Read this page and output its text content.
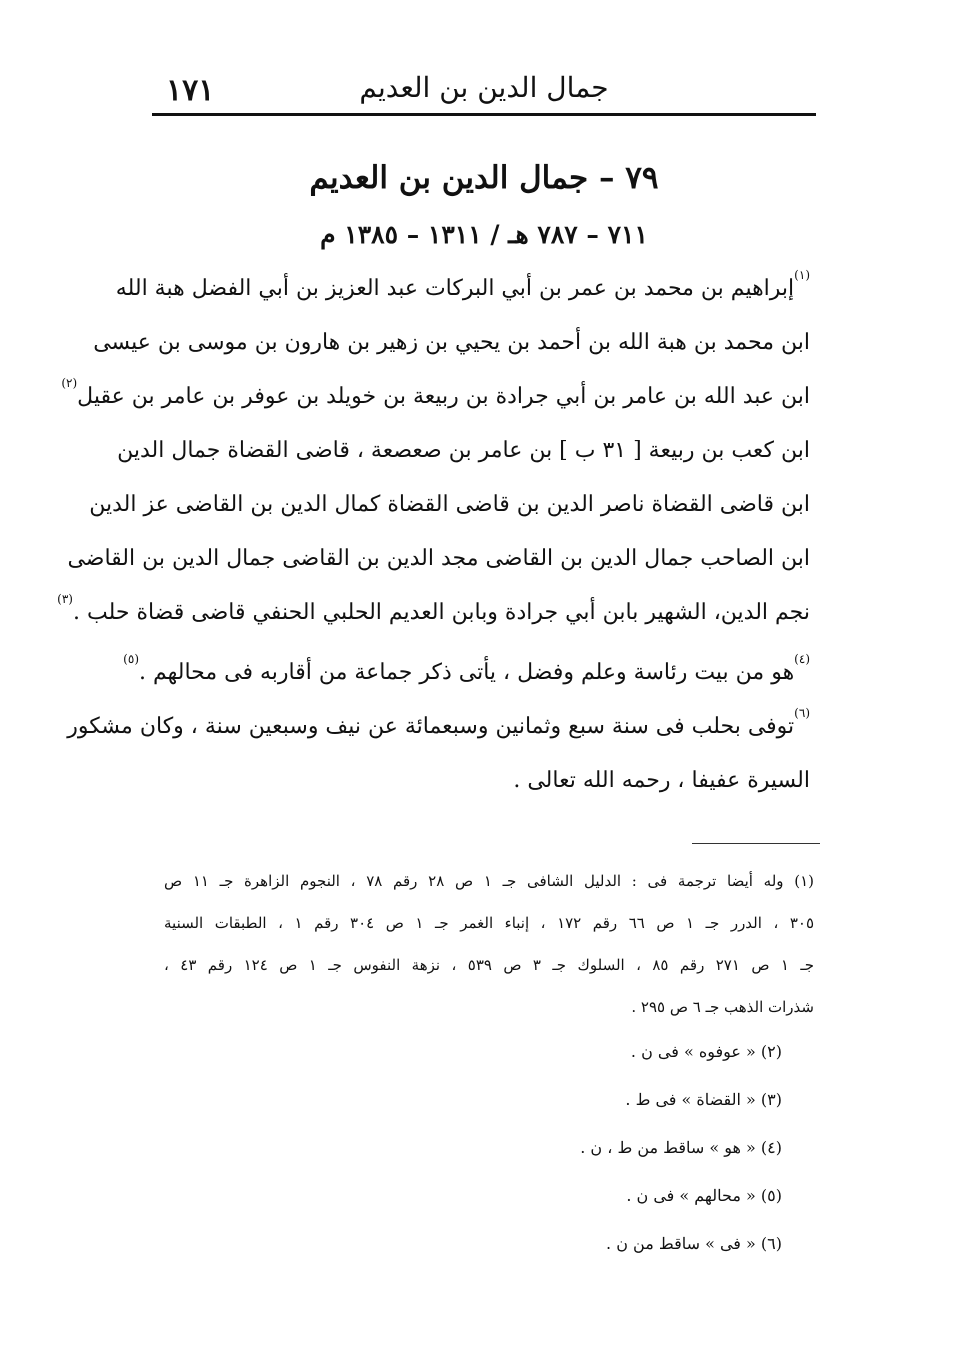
١٧١	جمال الدين بن العديم
٧٩ – جمال الدين بن العديم
٧١١ – ٧٨٧ هـ / ١٣١١ – ١٣٨٥ م
$^{(١)}$إبراهيم بن محمد بن عمر بن أبي البركات عبد العزيز بن أبي الفضل هبة الله
ابن محمد بن هبة الله بن أحمد بن يحيي بن زهير بن هارون بن موسى بن عيسى
ابن عبد الله بن عامر بن أبي جرادة بن ربيعة بن خويلد بن عوفر بن عامر بن عقيل$^{(٢)}$
ابن كعب بن ربيعة [ ٣١ ب ] بن عامر بن صعصعة ، قاضى القضاة جمال الدين
ابن قاضى القضاة ناصر الدين بن قاضى القضاة كمال الدين بن القاضى عز الدين
ابن الصاحب جمال الدين بن القاضى مجد الدين بن القاضى جمال الدين بن القاضى
نجم الدين، الشهير بابن أبي جرادة وبابن العديم الحلبي الحنفي قاضى قضاة حلب .$^{(٣)}$
$^{(٤)}$هو من بيت رئاسة وعلم وفضل ، يأتى ذكر جماعة من أقاربه فى محالهم .$^{(٥)}$
$^{(٦)}$توفى بحلب فى سنة سبع وثمانين وسبعمائة عن نيف وسبعين سنة ، وكان مشكور
السيرة عفيفا ، رحمه الله تعالى .
(١) وله أيضا ترجمة فى : الدليل الشافى جـ ١ ص ٢٨ رقم ٧٨ ، النجوم الزاهرة جـ ١١ ص
٣٠٥ ، الدرر جـ ١ ص ٦٦ رقم ١٧٢ ، إنباء الغمر جـ ١ ص ٣٠٤ رقم ١ ، الطبقات السنية
جـ ١ ص ٢٧١ رقم ٨٥ ، السلوك جـ ٣ ص ٥٣٩ ، نزهة النفوس جـ ١ ص ١٢٤ رقم ٤٣ ،
شذرات الذهب جـ ٦ ص ٢٩٥ .
(٢) « عوفوه » فى ن .
(٣) « القضاة » فى ط .
(٤) « هو » ساقط من ط ، ن .
(٥) « محالهم » فى ن .
(٦) « فى » ساقط من ن .
